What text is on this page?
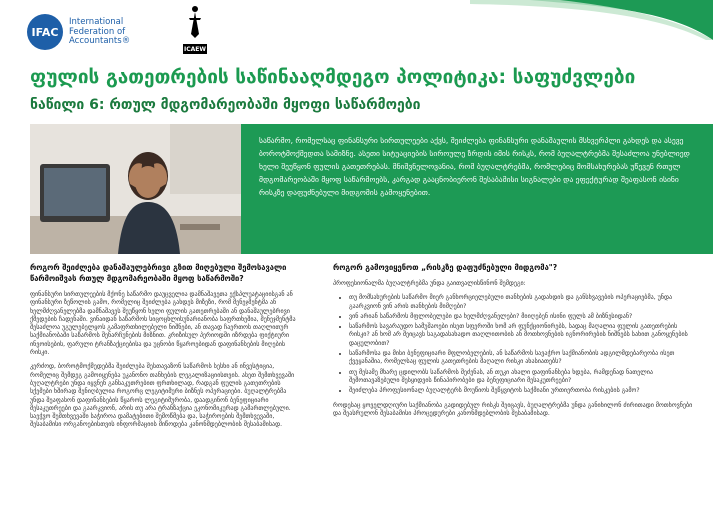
IFAC
International Federation of Accountants®
ICAEW
ფულის გათეთრების საწინააღმდეგო პოლიტიკა: საფუძვლები
ნაწილი 6: რთულ მდგომარეობაში მყოფი საწარმოები
საწარმო, რომელსაც ფინანსური სირთულეები აქვს, შეიძლება ფინანსური დანაშაულის მსხვერპლი გახდეს და ასევე ბოროტმოქმედთა სამიზნე. ასეთი სიტუაციების სიროულე ზრდის იმის რისკს, რომ ბუღალტრებმა შესაძლოა უნებლიედ ხელი შეუწყონ ფულის გათეთრებას. მნიშვნელოვანია, რომ ბუღალტრებმა, რომლებიც მომსახურებას უწევენ რთულ მდგომარეობაში მყოფ საწარმოებს, კარგად გააცნობიერონ შესაბამისი სიგნალები და ეფექტურად შეაფასონ ისინი რისკზე დაფუძნებული მიდგომის გამოყენებით.
როგორ შეიძლება დანაშაულებრივი გზით მიღებული შემოსავალი წარმოიშვას რთულ მდგომარეობაში მყოფ საწარმოში?

ფინანსური სირთულეების მქონე საწარმო დაუცველია დამნაშავეთა ექსპლუატაციისგან ან ფინანსური ზეწოლის გამო, რომელიც შეიძლება გახდეს მიზეზი, რომ მენეჯმენტმა ან ხელმძღვანელებმა დამნაშავეს შეუწყონ ხელი ფულის გათეთრებაში ან დანაშაულებრივი ქმედების ჩადენაში. ვინაიდან საწარმოს სიცოცხლისუნარიანობა საფრთხეშია, მენეჯმენტმა შესაძლოა უგულებელყოს გამაფრთხილებელი ნიშნები, ან თავად ჩაერთოს თაღლითურ საქმიანობაში საწარმოს შენარჩუნების მიზნით. კრიზისულ პერიოდში იზრდება ფიქტიური ინვოისების, ფარული ტრანზაქციებისა და უცნობი წყაროებიდან დაფინანსების მიღების რისკი.

კერძოდ, ბოროტმოქმედებმა შეიძლება შესთავაზონ საწარმოს სესხი ან ინვესტიცია, რომელიც შემდეგ გამოიყენება უკანონო თანხების ლეგალიზაციისთვის. ასეთ შემთხვევაში ბუღალტრები უნდა იყვნენ განსაკუთრებით ფრთხილად, რადგან ფულის გათეთრების სქემები ხშირად შენიღბულია როგორც ლეგიტიმური ბიზნეს ოპერაციები. ბუღალტრებმა უნდა შეაფასონ დაფინანსების წყაროს ლეგიტიმურობა, დაადგინონ ბენეფიციარი მესაკუთრეები და გაარკვიონ, არის თუ არა ტრანზაქცია ეკონომიკურად გამართლებული. საეჭვო შემთხვევაში საჭიროა დამატებითი შემოწმება და, საჭიროების შემთხვევაში, შესაბამისი ორგანოებისთვის ინფორმაციის მიწოდება კანონმდებლობის შესაბამისად.

როგორ გამოვიყენოთ „რისკზე დაფუძნებული მიდგომა"?

პროფესიონალმა ბუღალტრებმა უნდა გაითვალისწინონ შემდეგი:

• თუ მომსახურების საწარმო მიერ განხორციელებული თანხების გადახდის და განსხვავების ოპერაციებმა, უნდა გაარკვიონ ვინ არის თანხების მიმღები?
• ვინ არიან საწარმოს მფლობელები და ხელმძღვანელები? მიიღებენ ისინი ფულს ამ ბიზნესიდან?
• საწარმოს სავარაუდო სამუშაოები ისეთ სფეროში ხომ არ ფუნქციონირებს, სადაც მაღალია ფულის გათეთრების რისკი? ან ხომ არ შეიცავს საგადასახადო თაღლითობის ან მოთხოვნების იგნორირების ნიშნებს სახით განოყენების დაცულობით?
• საწარმოსა და მისი ბენეფიციარი მფლობელების, ან საწარმოს სავაჭრო საქმიანობის ადგილმდებარეობა ისეთ ქვეყანაშია, რომელსაც ფულის გათეთრების მაღალი რისკი ახასიათებს?
• თუ მესამე მხარე ცდილობს საწარმოს შეძენას, ან თუკი ახალი დაფინანსება ხდება, რამდენად ნათელია შემოთავაზებული შესყიდვის წინაპირობები და ბენეფიციარი მესაკუთრეები?
• შეიძლება პროფესიონალ ბუღალტერს მოუწიოს შეწყვიტოს საქმიანი ურთიერთობა რისკების გამო?

როდესაც ყოველდღიური საქმიანობა გადიდებულ რისკს შეიცავს, ბუღალტრებმა უნდა განიხილონ ძირითადი მოთხოვნები და შეასრულონ შესაბამისი პროცედურები კანონმდებლობის შესაბამისად.
